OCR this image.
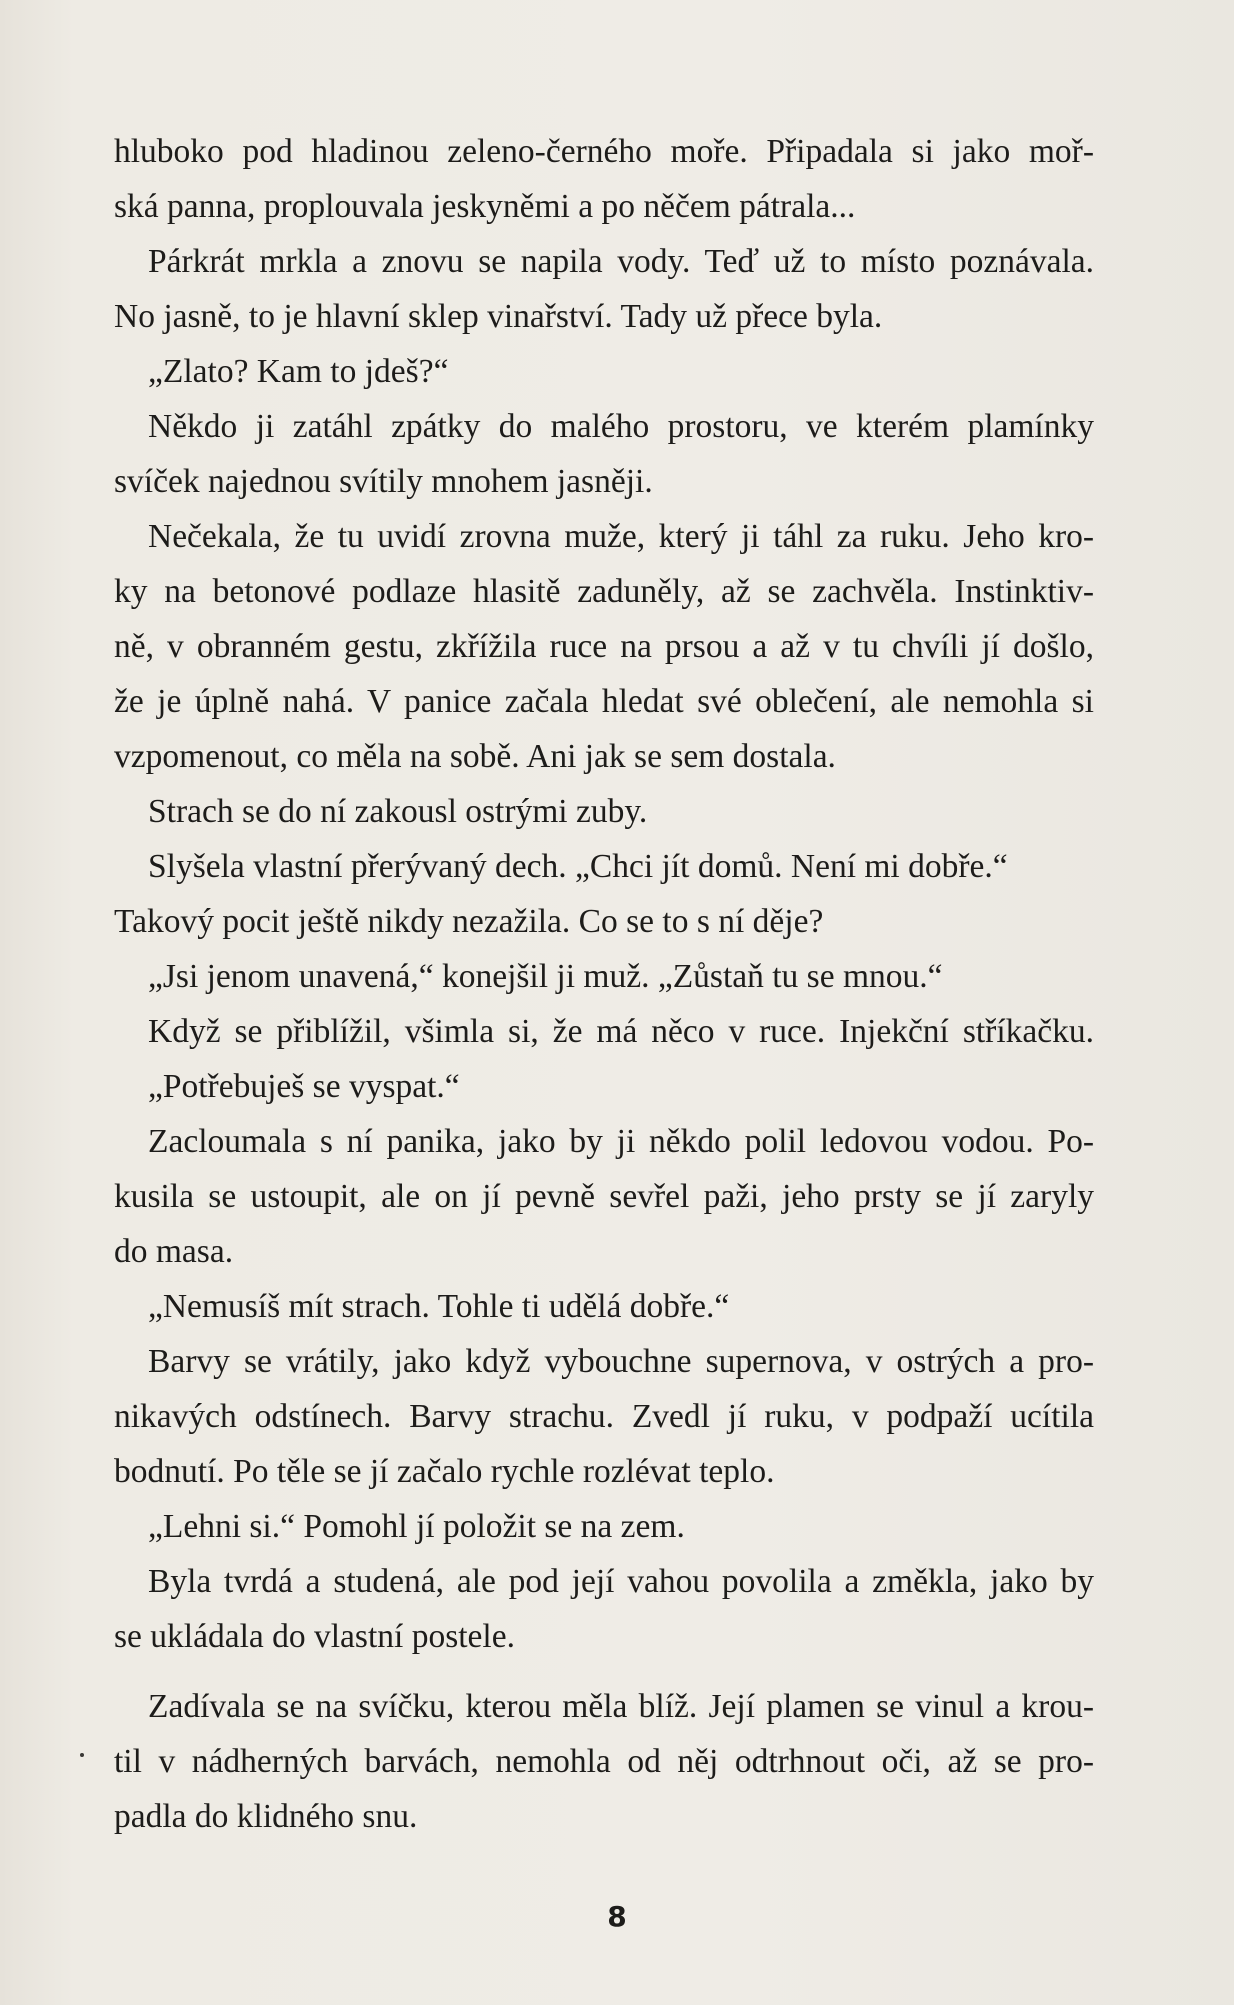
hluboko pod hladinou zeleno-černého moře. Připadala si jako moř-
ská panna, proplouvala jeskyněmi a po něčem pátrala...
Párkrát mrkla a znovu se napila vody. Teď už to místo poznávala.
No jasně, to je hlavní sklep vinařství. Tady už přece byla.
„Zlato? Kam to jdeš?“
Někdo ji zatáhl zpátky do malého prostoru, ve kterém plamínky
svíček najednou svítily mnohem jasněji.
Nečekala, že tu uvidí zrovna muže, který ji táhl za ruku. Jeho kro-
ky na betonové podlaze hlasitě zaduněly, až se zachvěla. Instinktiv-
ně, v obranném gestu, zkřížila ruce na prsou a až v tu chvíli jí došlo,
že je úplně nahá. V panice začala hledat své oblečení, ale nemohla si
vzpomenout, co měla na sobě. Ani jak se sem dostala.
Strach se do ní zakousl ostrými zuby.
Slyšela vlastní přerývaný dech. „Chci jít domů. Není mi dobře.“
Takový pocit ještě nikdy nezažila. Co se to s ní děje?
„Jsi jenom unavená,“ konejšil ji muž. „Zůstaň tu se mnou.“
Když se přiblížil, všimla si, že má něco v ruce. Injekční stříkačku.
„Potřebuješ se vyspat.“
Zacloumala s ní panika, jako by ji někdo polil ledovou vodou. Po-
kusila se ustoupit, ale on jí pevně sevřel paži, jeho prsty se jí zaryly
do masa.
„Nemusíš mít strach. Tohle ti udělá dobře.“
Barvy se vrátily, jako když vybouchne supernova, v ostrých a pro-
nikavých odstínech. Barvy strachu. Zvedl jí ruku, v podpaží ucítila
bodnutí. Po těle se jí začalo rychle rozlévat teplo.
„Lehni si.“ Pomohl jí položit se na zem.
Byla tvrdá a studená, ale pod její vahou povolila a změkla, jako by
se ukládala do vlastní postele.
Zadívala se na svíčku, kterou měla blíž. Její plamen se vinul a krou-
til v nádherných barvách, nemohla od něj odtrhnout oči, až se pro-
padla do klidného snu.
8
